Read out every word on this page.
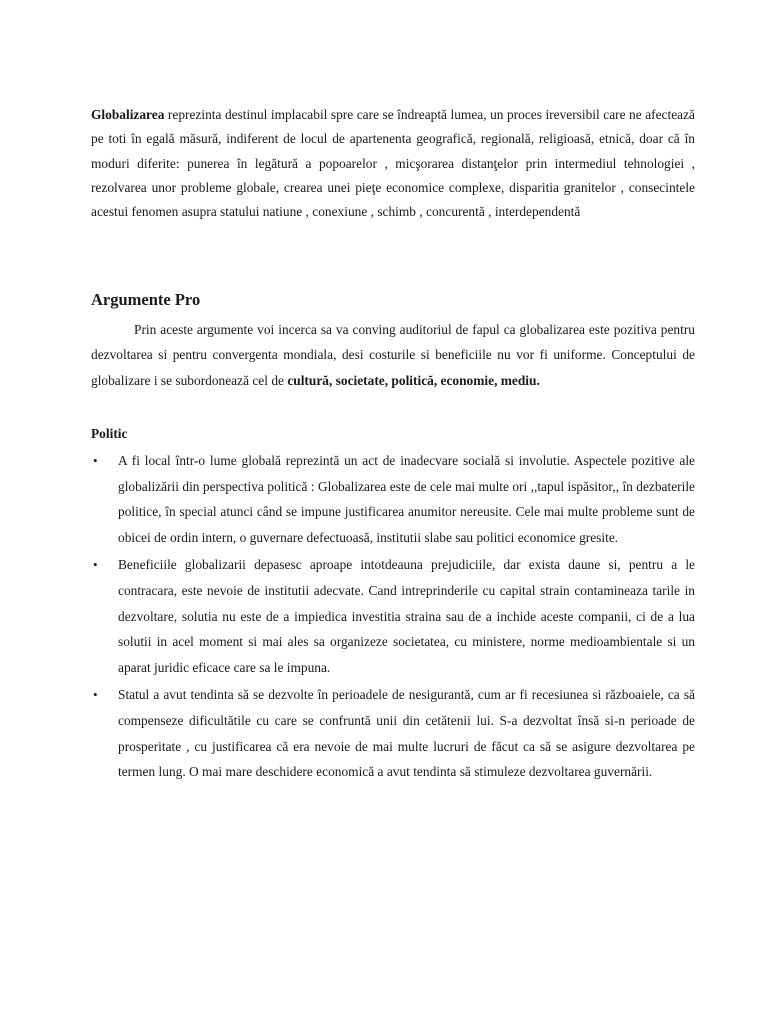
Globalizarea reprezinta destinul implacabil spre care se îndreaptă lumea, un proces ireversibil care ne afectează pe toti în egală măsură, indiferent de locul de apartenenta geografică, regională, religioasă, etnică, doar că în moduri diferite: punerea în legătură a popoarelor , micşorarea distanţelor prin intermediul tehnologiei , rezolvarea unor probleme globale, crearea unei pieţe economice complexe, disparitia granitelor , consecintele acestui fenomen asupra statului natiune , conexiune , schimb , concurentă , interdependentă

Argumente Pro

Prin aceste argumente voi incerca sa va conving auditoriul de fapul ca globalizarea este pozitiva pentru dezvoltarea si pentru convergenta mondiala, desi costurile si beneficiile nu vor fi uniforme. Conceptului de globalizare i se subordonează cel de cultură, societate, politică, economie, mediu.

Politic
• A fi local într-o lume globală reprezintă un act de inadecvare socială si involutie. Aspectele pozitive ale globalizării din perspectiva politică : Globalizarea este de cele mai multe ori ,,tapul ispăsitor,, în dezbaterile politice, în special atunci când se impune justificarea anumitor nereusite. Cele mai multe probleme sunt de obicei de ordin intern, o guvernare defectuoasă, institutii slabe sau politici economice gresite.
• Beneficiile globalizarii depasesc aproape intotdeauna prejudiciile, dar exista daune si, pentru a le contracara, este nevoie de institutii adecvate. Cand intreprinderile cu capital strain contamineaza tarile in dezvoltare, solutia nu este de a impiedica investitia straina sau de a inchide aceste companii, ci de a lua solutii in acel moment si mai ales sa organizeze societatea, cu ministere, norme medioambientale si un aparat juridic eficace care sa le impuna.
• Statul a avut tendinta să se dezvolte în perioadele de nesigurantă, cum ar fi recesiunea si războaiele, ca să compenseze dificultătile cu care se confruntă unii din cetătenii lui. S-a dezvoltat însă si-n perioade de prosperitate , cu justificarea că era nevoie de mai multe lucruri de făcut ca să se asigure dezvoltarea pe termen lung. O mai mare deschidere economică a avut tendinta să stimuleze dezvoltarea guvernării.
